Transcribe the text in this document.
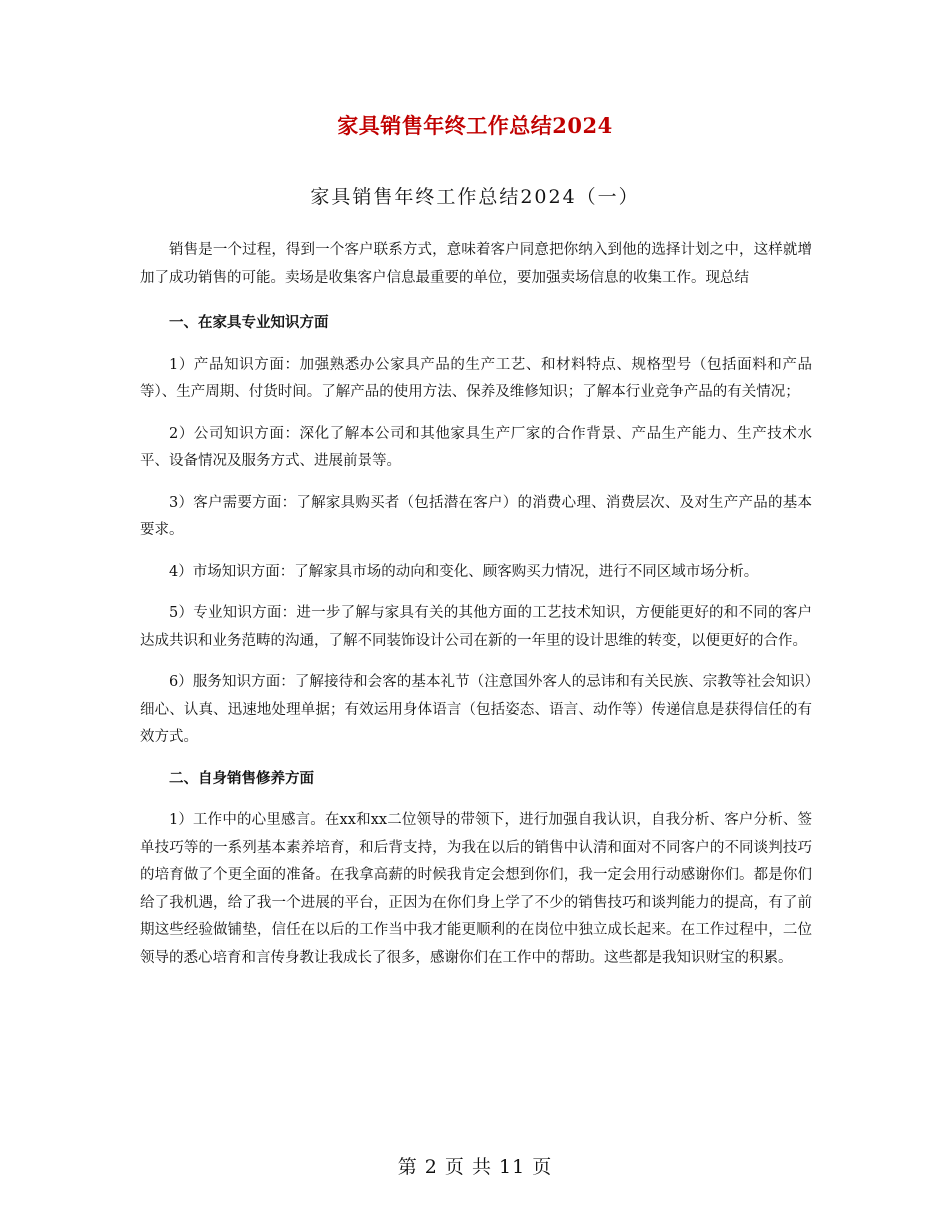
家具销售年终工作总结2024
家具销售年终工作总结2024（一）

销售是一个过程，得到一个客户联系方式，意味着客户同意把你纳入到他的选择计划之中，这样就增加了成功销售的可能。卖场是收集客户信息最重要的单位，要加强卖场信息的收集工作。现总结

一、在家具专业知识方面

1）产品知识方面：加强熟悉办公家具产品的生产工艺、和材料特点、规格型号（包括面料和产品等）、生产周期、付货时间。了解产品的使用方法、保养及维修知识；了解本行业竞争产品的有关情况；

2）公司知识方面：深化了解本公司和其他家具生产厂家的合作背景、产品生产能力、生产技术水平、设备情况及服务方式、进展前景等。

3）客户需要方面：了解家具购买者（包括潜在客户）的消费心理、消费层次、及对生产产品的基本要求。

4）市场知识方面：了解家具市场的动向和变化、顾客购买力情况，进行不同区域市场分析。

5）专业知识方面：进一步了解与家具有关的其他方面的工艺技术知识，方便能更好的和不同的客户达成共识和业务范畴的沟通，了解不同装饰设计公司在新的一年里的设计思维的转变，以便更好的合作。

6）服务知识方面：了解接待和会客的基本礼节（注意国外客人的忌讳和有关民族、宗教等社会知识）细心、认真、迅速地处理单据；有效运用身体语言（包括姿态、语言、动作等）传递信息是获得信任的有效方式。

二、自身销售修养方面

1）工作中的心里感言。在xx和xx二位领导的带领下，进行加强自我认识，自我分析、客户分析、签单技巧等的一系列基本素养培育，和后背支持，为我在以后的销售中认清和面对不同客户的不同谈判技巧的培育做了个更全面的准备。在我拿高薪的时候我肯定会想到你们，我一定会用行动感谢你们。都是你们给了我机遇，给了我一个进展的平台，正因为在你们身上学了不少的销售技巧和谈判能力的提高，有了前期这些经验做铺垫，信任在以后的工作当中我才能更顺利的在岗位中独立成长起来。在工作过程中，二位领导的悉心培育和言传身教让我成长了很多，感谢你们在工作中的帮助。这些都是我知识财宝的积累。

第 2 页 共 11 页
